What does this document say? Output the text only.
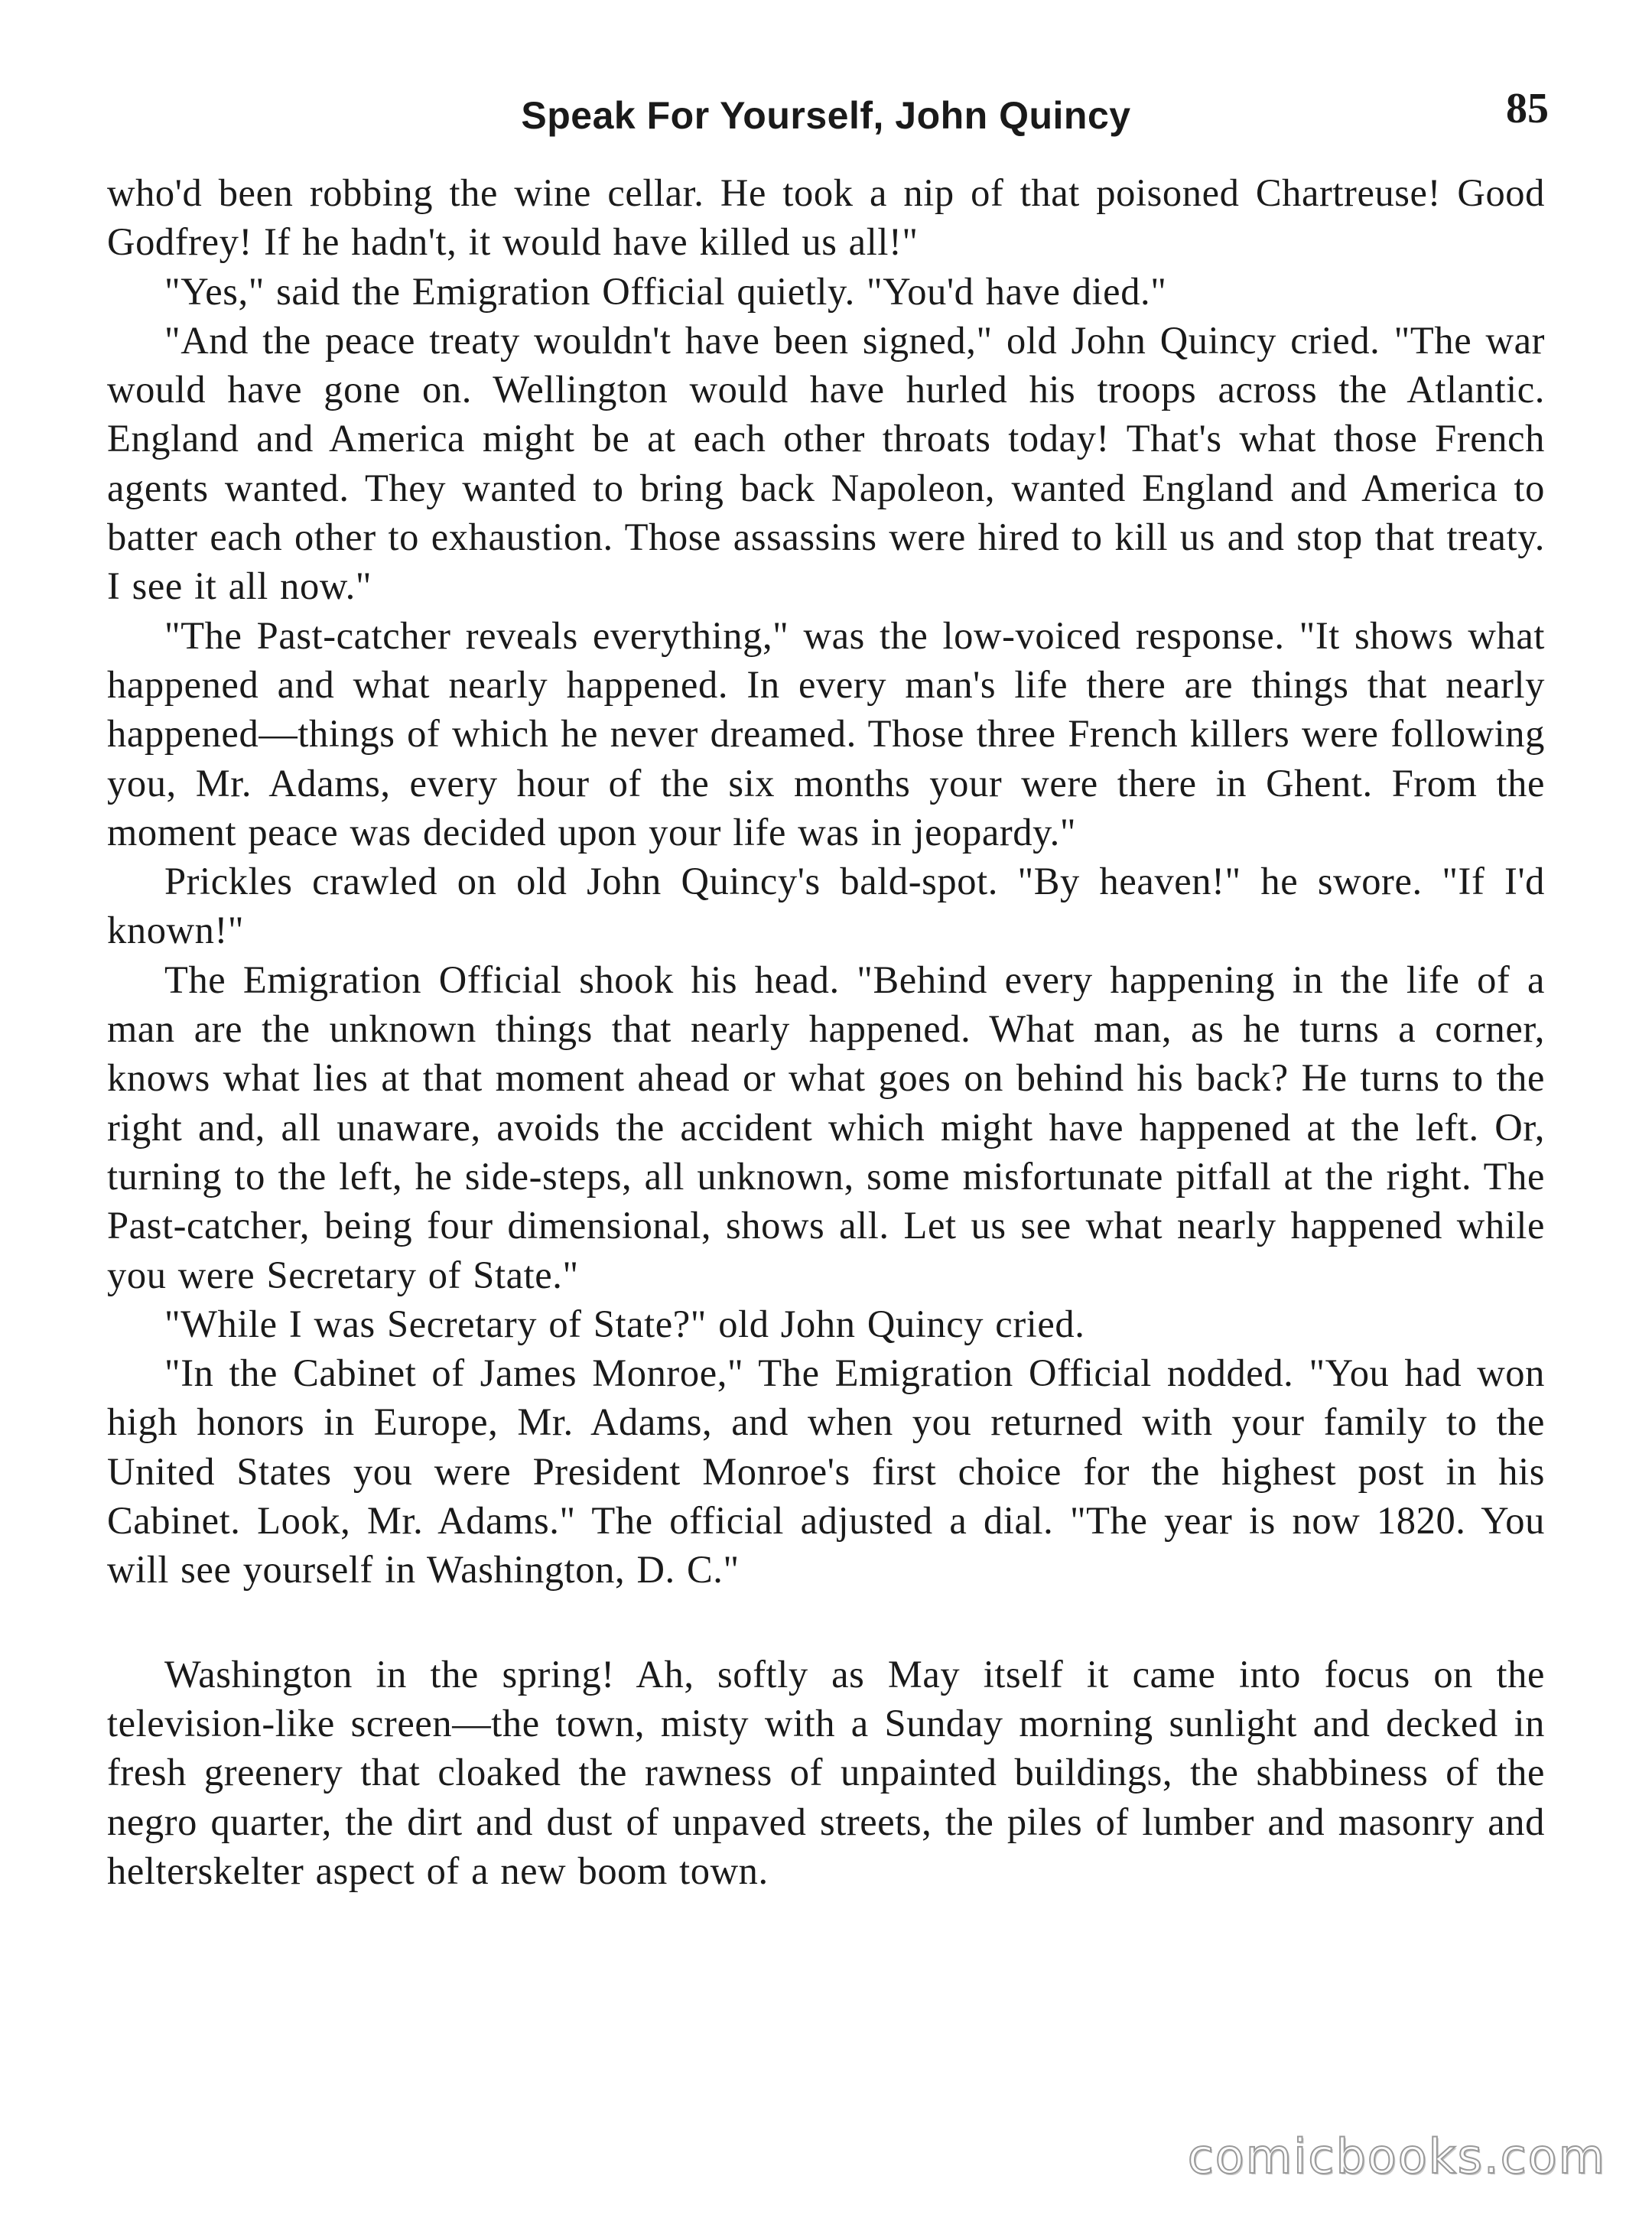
Speak For Yourself, John Quincy	85

who'd been robbing the wine cellar. He took a nip of that poisoned Chartreuse! Good Godfrey! If he hadn't, it would have killed us all!"

"Yes," said the Emigration Official quietly. "You'd have died."

"And the peace treaty wouldn't have been signed," old John Quincy cried. "The war would have gone on. Wellington would have hurled his troops across the Atlantic. England and America might be at each other throats today! That's what those French agents wanted. They wanted to bring back Napoleon, wanted England and America to batter each other to exhaustion. Those assassins were hired to kill us and stop that treaty. I see it all now."

"The Past-catcher reveals everything," was the low-voiced response. "It shows what happened and what nearly happened. In every man's life there are things that nearly happened—things of which he never dreamed. Those three French killers were following you, Mr. Adams, every hour of the six months your were there in Ghent. From the moment peace was decided upon your life was in jeopardy."

Prickles crawled on old John Quincy's bald-spot. "By heaven!" he swore. "If I'd known!"

The Emigration Official shook his head. "Behind every happening in the life of a man are the unknown things that nearly happened. What man, as he turns a corner, knows what lies at that moment ahead or what goes on behind his back? He turns to the right and, all unaware, avoids the accident which might have happened at the left. Or, turning to the left, he side-steps, all unknown, some misfortunate pitfall at the right. The Past-catcher, being four dimensional, shows all. Let us see what nearly happened while you were Secretary of State."

"While I was Secretary of State?" old John Quincy cried.

"In the Cabinet of James Monroe," The Emigration Official nodded. "You had won high honors in Europe, Mr. Adams, and when you returned with your family to the United States you were President Monroe's first choice for the highest post in his Cabinet. Look, Mr. Adams." The official adjusted a dial. "The year is now 1820. You will see yourself in Washington, D. C."

Washington in the spring! Ah, softly as May itself it came into focus on the television-like screen—the town, misty with a Sunday morning sunlight and decked in fresh greenery that cloaked the rawness of unpainted buildings, the shabbiness of the negro quarter, the dirt and dust of unpaved streets, the piles of lumber and masonry and helterskelter aspect of a new boom town.

comicbooks.com
